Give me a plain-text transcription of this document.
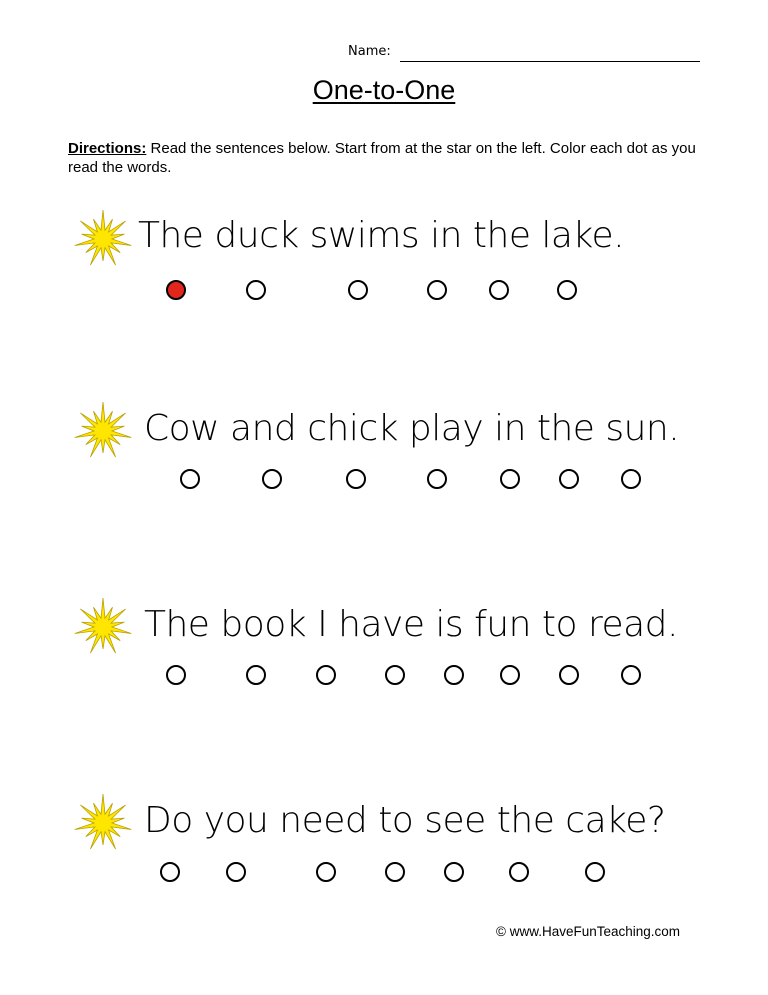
Name:
One-to-One
Directions: Read the sentences below. Start from at the star on the left. Color each dot as you read the words.
The duck swims in the lake.
Cow and chick play in the sun.
The book I have is fun to read.
Do you need to see the cake?
© www.HaveFunTeaching.com
